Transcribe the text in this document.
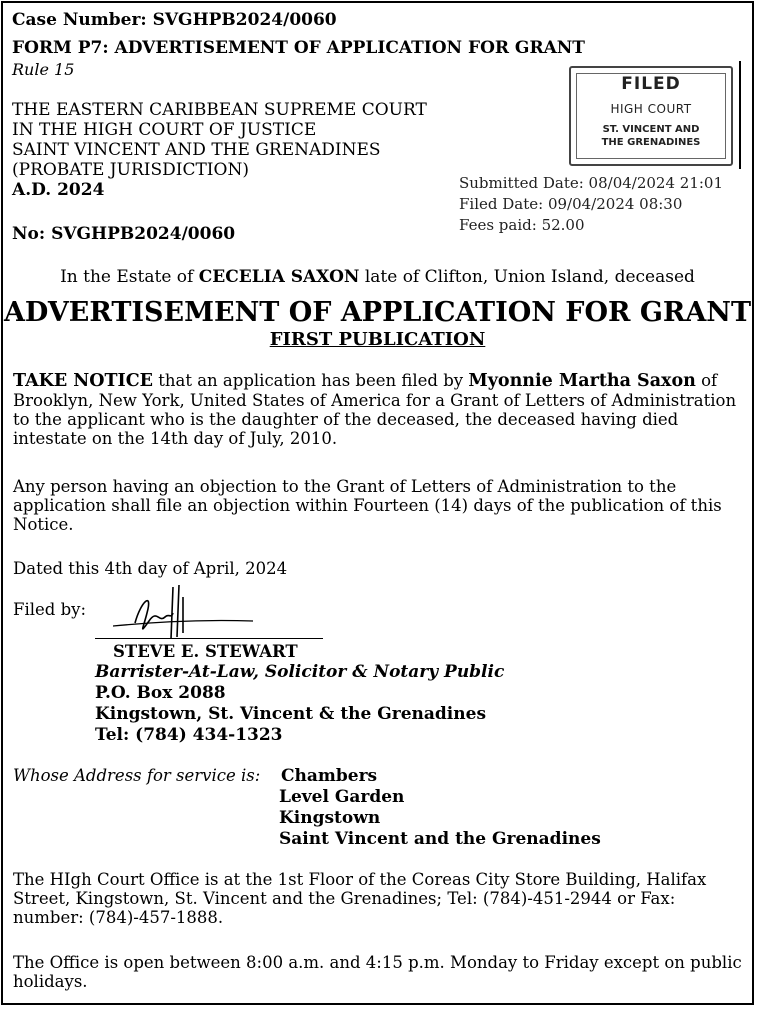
Case Number: SVGHPB2024/0060
FORM P7: ADVERTISEMENT OF APPLICATION FOR GRANT
Rule 15
THE EASTERN CARIBBEAN SUPREME COURT
IN THE HIGH COURT OF JUSTICE
SAINT VINCENT AND THE GRENADINES
(PROBATE JURISDICTION)
A.D. 2024
No: SVGHPB2024/0060
FILED
HIGH COURT
ST. VINCENT AND
THE GRENADINES
Submitted Date: 08/04/2024 21:01
Filed Date: 09/04/2024 08:30
Fees paid: 52.00
In the Estate of CECELIA SAXON late of Clifton, Union Island, deceased
ADVERTISEMENT OF APPLICATION FOR GRANT
FIRST PUBLICATION
TAKE NOTICE that an application has been filed by Myonnie Martha Saxon of Brooklyn, New York, United States of America for a Grant of Letters of Administration to the applicant who is the daughter of the deceased, the deceased having died intestate on the 14th day of July, 2010.
Any person having an objection to the Grant of Letters of Administration to the application shall file an objection within Fourteen (14) days of the publication of this Notice.
Dated this 4th day of April, 2024
Filed by:
STEVE E. STEWART
Barrister-At-Law, Solicitor & Notary Public
P.O. Box 2088
Kingstown, St. Vincent & the Grenadines
Tel: (784) 434-1323
Whose Address for service is: Chambers
Level Garden
Kingstown
Saint Vincent and the Grenadines
The HIgh Court Office is at the 1st Floor of the Coreas City Store Building, Halifax Street, Kingstown, St. Vincent and the Grenadines; Tel: (784)-451-2944 or Fax: number: (784)-457-1888.
The Office is open between 8:00 a.m. and 4:15 p.m. Monday to Friday except on public holidays.
